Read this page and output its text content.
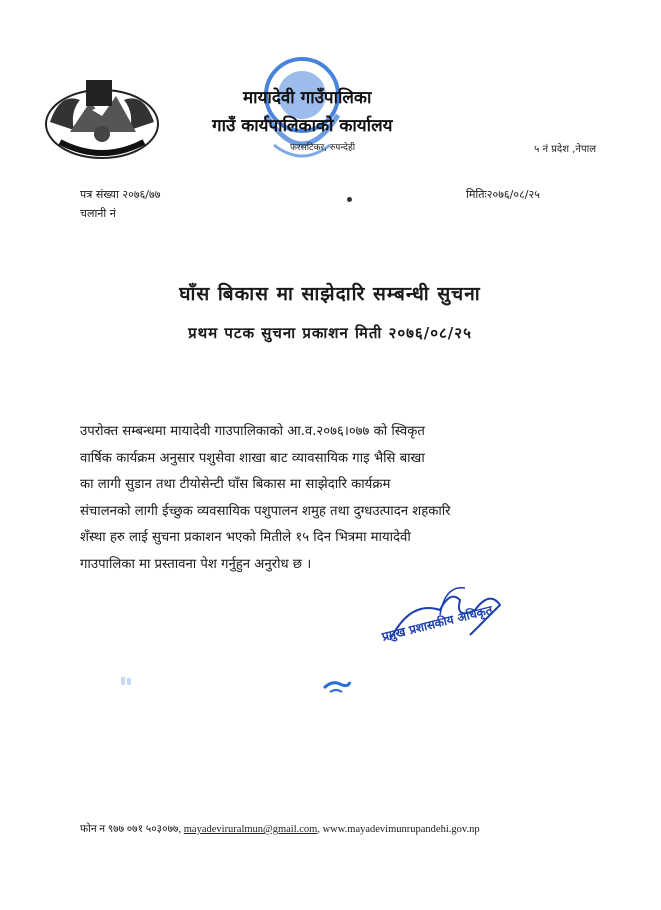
मायादेवी गाउँपालिका
गाउँ कार्यपालिकाको कार्यालय
फरसटिकर, रुपन्देही	५ नं प्रदेश ,नेपाल
पत्र संख्या २०७६/७७
चलानी नं
मितिः२०७६/०८/२५
घाँस बिकास मा साझेदारि सम्बन्धी सुचना
प्रथम पटक सुचना प्रकाशन मिती २०७६/०८/२५
उपरोक्त सम्बन्धमा मायादेवी गाउपालिकाको आ.व.२०७६।०७७ को स्विकृत
वार्षिक कार्यक्रम अनुसार पशुसेवा शाखा बाट व्यावसायिक गाइ भैसि बाखा
का लागी सुडान तथा टीयोसेन्टी घाँस बिकास मा साझेदारि कार्यक्रम
संचालनको लागी ईच्छुक व्यवसायिक पशुपालन शमुह तथा दुग्धउत्पादन शहकारि
शँस्था हरु लाई सुचना प्रकाशन भएको मितीले १५ दिन भित्रमा मायादेवी
गाउपालिका मा प्रस्तावना पेश गर्नुहुन अनुरोध छ ।
प्रमुख प्रशासकीय अधिकृत
फोन न ९७७ ०७१ ५०३०७७, mayadeviruralmun@gmail.com, www.mayadevimunrupandehi.gov.np
